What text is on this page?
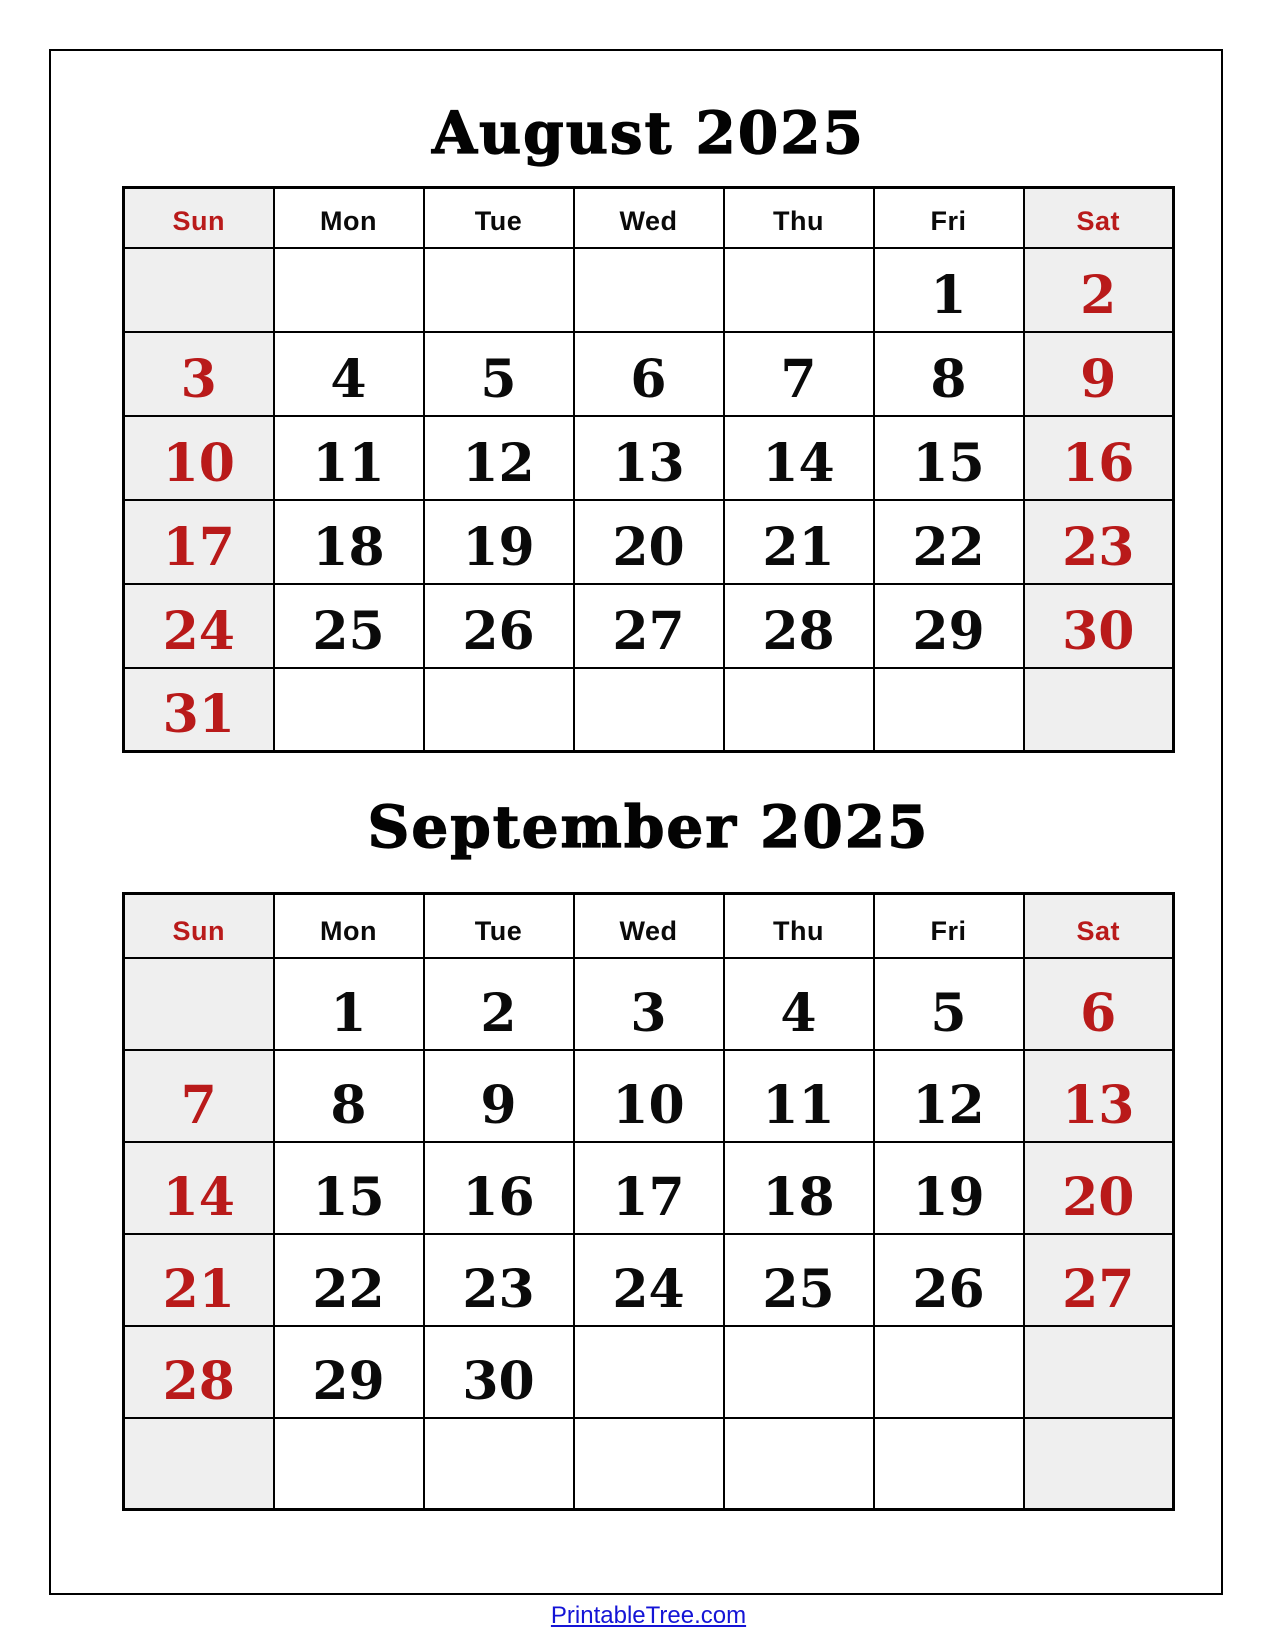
August 2025
Sun	Mon	Tue	Wed	Thu	Fri	Sat
					1	2
3	4	5	6	7	8	9
10	11	12	13	14	15	16
17	18	19	20	21	22	23
24	25	26	27	28	29	30
31						
September 2025
Sun	Mon	Tue	Wed	Thu	Fri	Sat
	1	2	3	4	5	6
7	8	9	10	11	12	13
14	15	16	17	18	19	20
21	22	23	24	25	26	27
28	29	30				

PrintableTree.com
